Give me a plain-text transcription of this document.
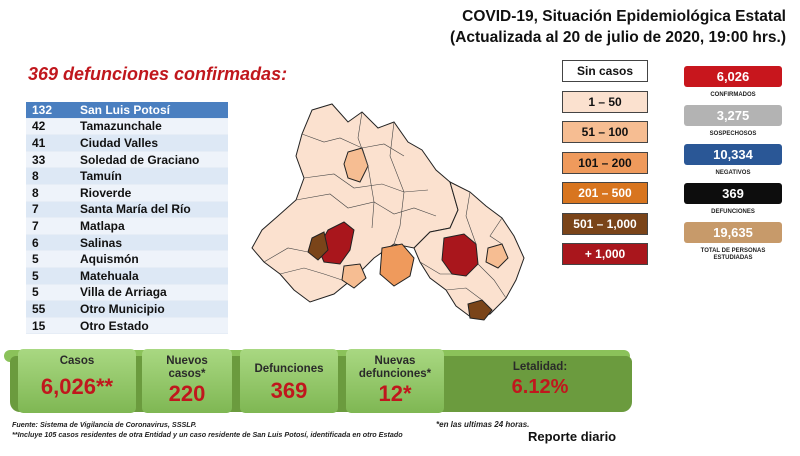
COVID-19, Situación Epidemiológica Estatal
(Actualizada al 20 de julio de 2020, 19:00 hrs.)
369 defunciones confirmadas:
132	San Luis Potosí
42	Tamazunchale
41	Ciudad Valles
33	Soledad de Graciano
8	Tamuín
8	Rioverde
7	Santa María del Río
7	Matlapa
6	Salinas
5	Aquismón
5	Matehuala
5	Villa de Arriaga
55	Otro Municipio
15	Otro Estado
Sin casos
1 – 50
51 – 100
101 – 200
201 – 500
501 – 1,000
+ 1,000
6,026
CONFIRMADOS
3,275
SOSPECHOSOS
10,334
NEGATIVOS
369
DEFUNCIONES
19,635
TOTAL DE PERSONAS ESTUDIADAS
Casos
6,026**
Nuevos casos*
220
Defunciones
369
Nuevas defunciones*
12*
Letalidad:
6.12%
Fuente: Sistema de Vigilancia de Coronavirus, SSSLP.
**Incluye 105 casos residentes de otra Entidad y un caso residente de San Luis Potosí, identificada en otro Estado
*en las ultimas 24 horas.
Reporte diario
